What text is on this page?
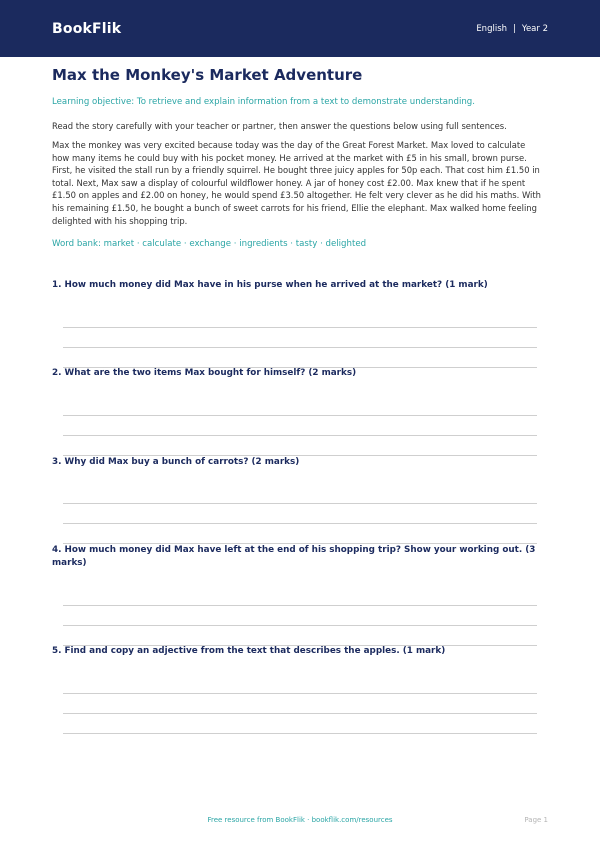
BookFlik	English | Year 2
Max the Monkey's Market Adventure
Learning objective: To retrieve and explain information from a text to demonstrate understanding.
Read the story carefully with your teacher or partner, then answer the questions below using full sentences.
Max the monkey was very excited because today was the day of the Great Forest Market. Max loved to calculate how many items he could buy with his pocket money. He arrived at the market with £5 in his small, brown purse. First, he visited the stall run by a friendly squirrel. He bought three juicy apples for 50p each. That cost him £1.50 in total. Next, Max saw a display of colourful wildflower honey. A jar of honey cost £2.00. Max knew that if he spent £1.50 on apples and £2.00 on honey, he would spend £3.50 altogether. He felt very clever as he did his maths. With his remaining £1.50, he bought a bunch of sweet carrots for his friend, Ellie the elephant. Max walked home feeling delighted with his shopping trip.
Word bank: market · calculate · exchange · ingredients · tasty · delighted
1. How much money did Max have in his purse when he arrived at the market? (1 mark)
2. What are the two items Max bought for himself? (2 marks)
3. Why did Max buy a bunch of carrots? (2 marks)
4. How much money did Max have left at the end of his shopping trip? Show your working out. (3 marks)
5. Find and copy an adjective from the text that describes the apples. (1 mark)
Free resource from BookFlik · bookflik.com/resources	Page 1
